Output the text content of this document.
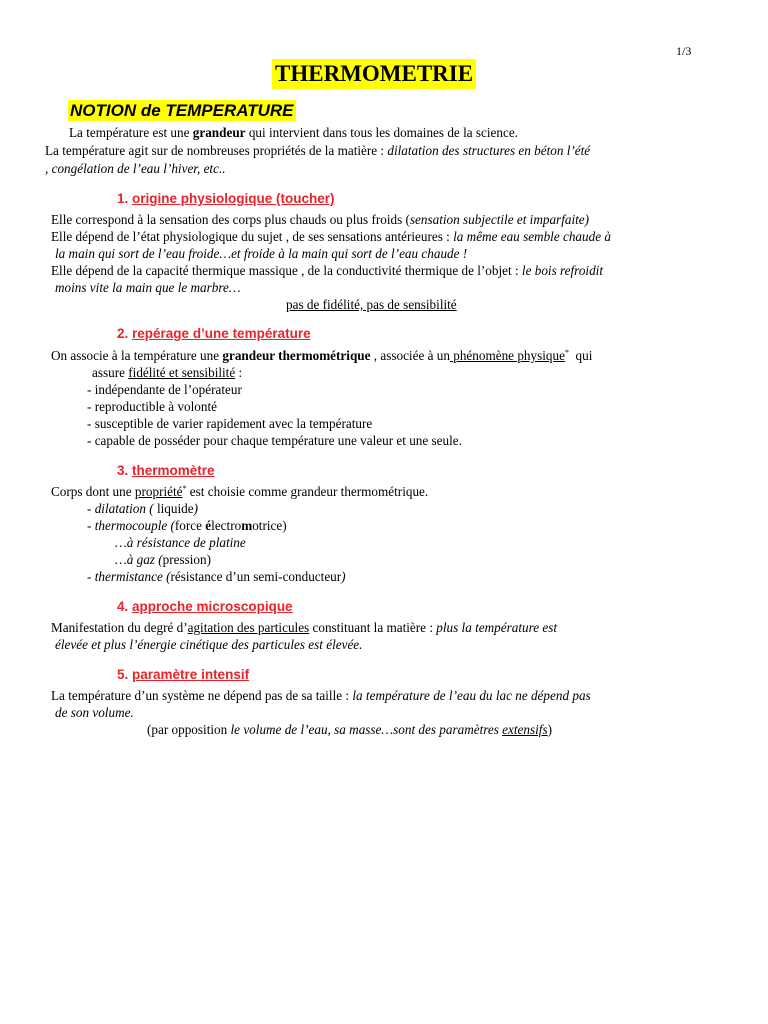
1/3
THERMOMETRIE
NOTION de TEMPERATURE
La température est une grandeur qui intervient dans tous les domaines de la science.
La température agit sur de nombreuses propriétés de la matière : dilatation des structures en béton l’été
, congélation de l’eau l’hiver, etc..
1. origine physiologique (toucher)
Elle correspond à la sensation des corps plus chauds ou plus froids (sensation subjectile et imparfaite)
Elle dépend de l’état physiologique du sujet , de ses sensations antérieures : la même eau semble chaude à
la main qui sort de l’eau froide…et froide à la main qui sort de l’eau chaude !
Elle dépend de la capacité thermique massique , de la conductivité thermique de l’objet : le bois refroidit
moins vite la main que le marbre…
pas de fidélité, pas de sensibilité
2. repérage d’une température
On associe à la température une grandeur thermométrique , associée à un phénomène physique*  qui
assure fidélité et sensibilité :
- indépendante de l’opérateur
- reproductible à volonté
- susceptible de varier rapidement avec la température
- capable de posséder pour chaque température une valeur et une seule.
3. thermomètre
Corps dont une propriété* est choisie comme grandeur thermométrique.
- dilatation ( liquide)
- thermocouple (force électromotrice)
…à résistance de platine
…à gaz (pression)
- thermistance (résistance d’un semi-conducteur)
4. approche microscopique
Manifestation du degré d’agitation des particules constituant la matière : plus la température est
élevée et plus l’énergie cinétique des particules est élevée.
5. paramètre intensif
La température d’un système ne dépend pas de sa taille : la température de l’eau du lac ne dépend pas
de son volume.
(par opposition le volume de l’eau, sa masse…sont des paramètres extensifs)
